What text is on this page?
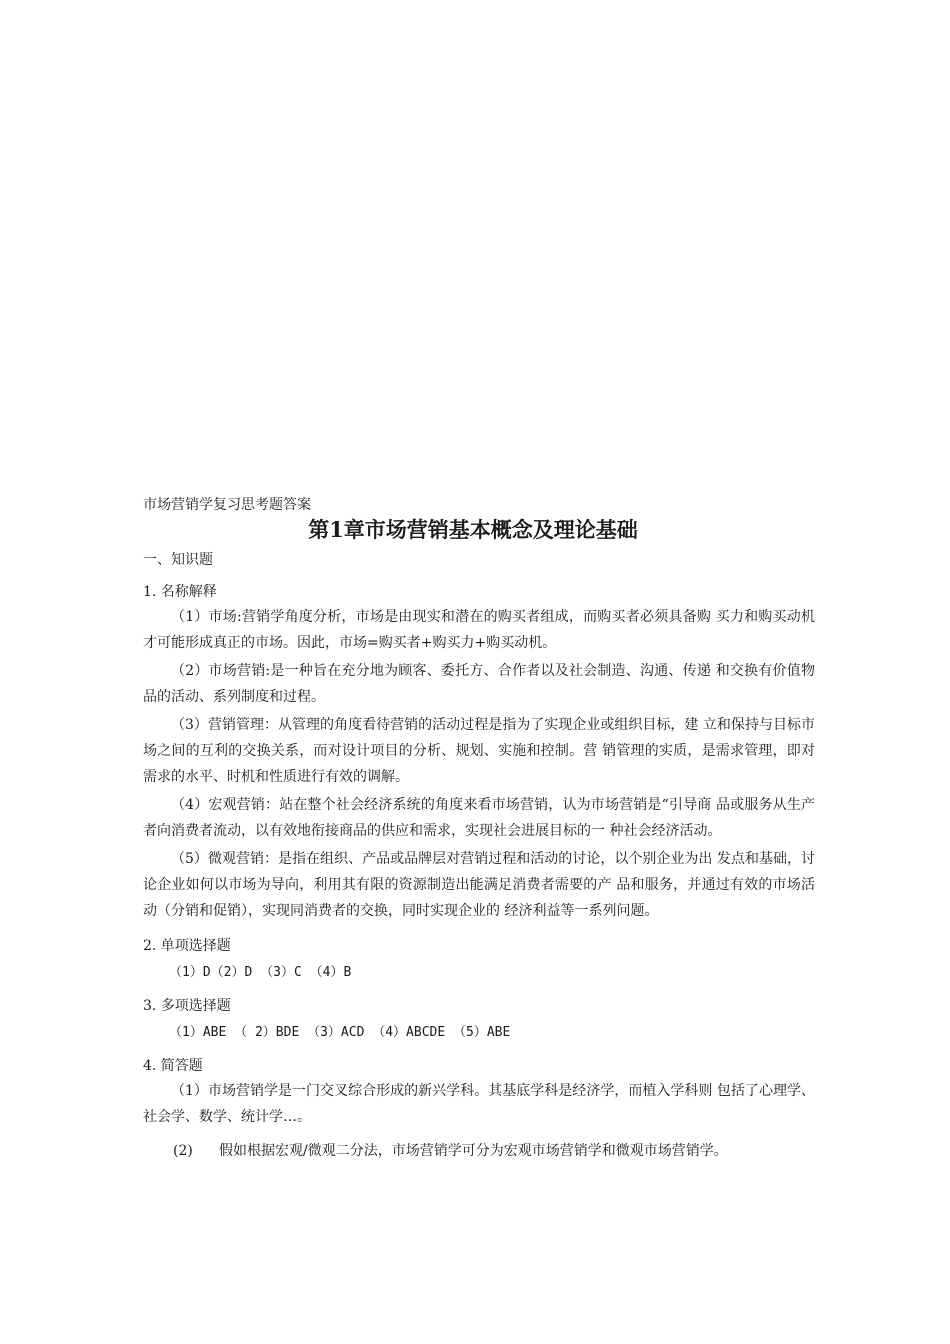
市场营销学复习思考题答案

第1章市场营销基本概念及理论基础

一、知识题

1. 名称解释

（1）市场:营销学角度分析，市场是由现实和潜在的购买者组成，而购买者必须具备购 买力和购买动机才可能形成真正的市场。因此，市场=购买者+购买力+购买动机。

（2）市场营销:是一种旨在充分地为顾客、委托方、合作者以及社会制造、沟通、传递 和交换有价值物品的活动、系列制度和过程。

（3）营销管理：从管理的角度看待营销的活动过程是指为了实现企业或组织目标，建 立和保持与目标市场之间的互利的交换关系，而对设计项目的分析、规划、实施和控制。营 销管理的实质，是需求管理，即对需求的水平、时机和性质进行有效的调解。

（4）宏观营销：站在整个社会经济系统的角度来看市场营销，认为市场营销是“引导商 品或服务从生产者向消费者流动，以有效地衔接商品的供应和需求，实现社会进展目标的一 种社会经济活动。

（5）微观营销：是指在组织、产品或品牌层对营销过程和活动的讨论，以个别企业为出 发点和基础，讨论企业如何以市场为导向，利用其有限的资源制造出能满足消费者需要的产 品和服务，并通过有效的市场活动（分销和促销），实现同消费者的交换，同时实现企业的 经济利益等一系列问题。

2. 单项选择题

（1）D（2）D （3）C （4）B

3. 多项选择题

（1）ABE （ 2）BDE （3）ACD （4）ABCDE （5）ABE

4. 简答题

（1）市场营销学是一门交叉综合形成的新兴学科。其基底学科是经济学，而植入学科则 包括了心理学、社会学、数学、统计学…。

(2) 假如根据宏观/微观二分法，市场营销学可分为宏观市场营销学和微观市场营销学。
